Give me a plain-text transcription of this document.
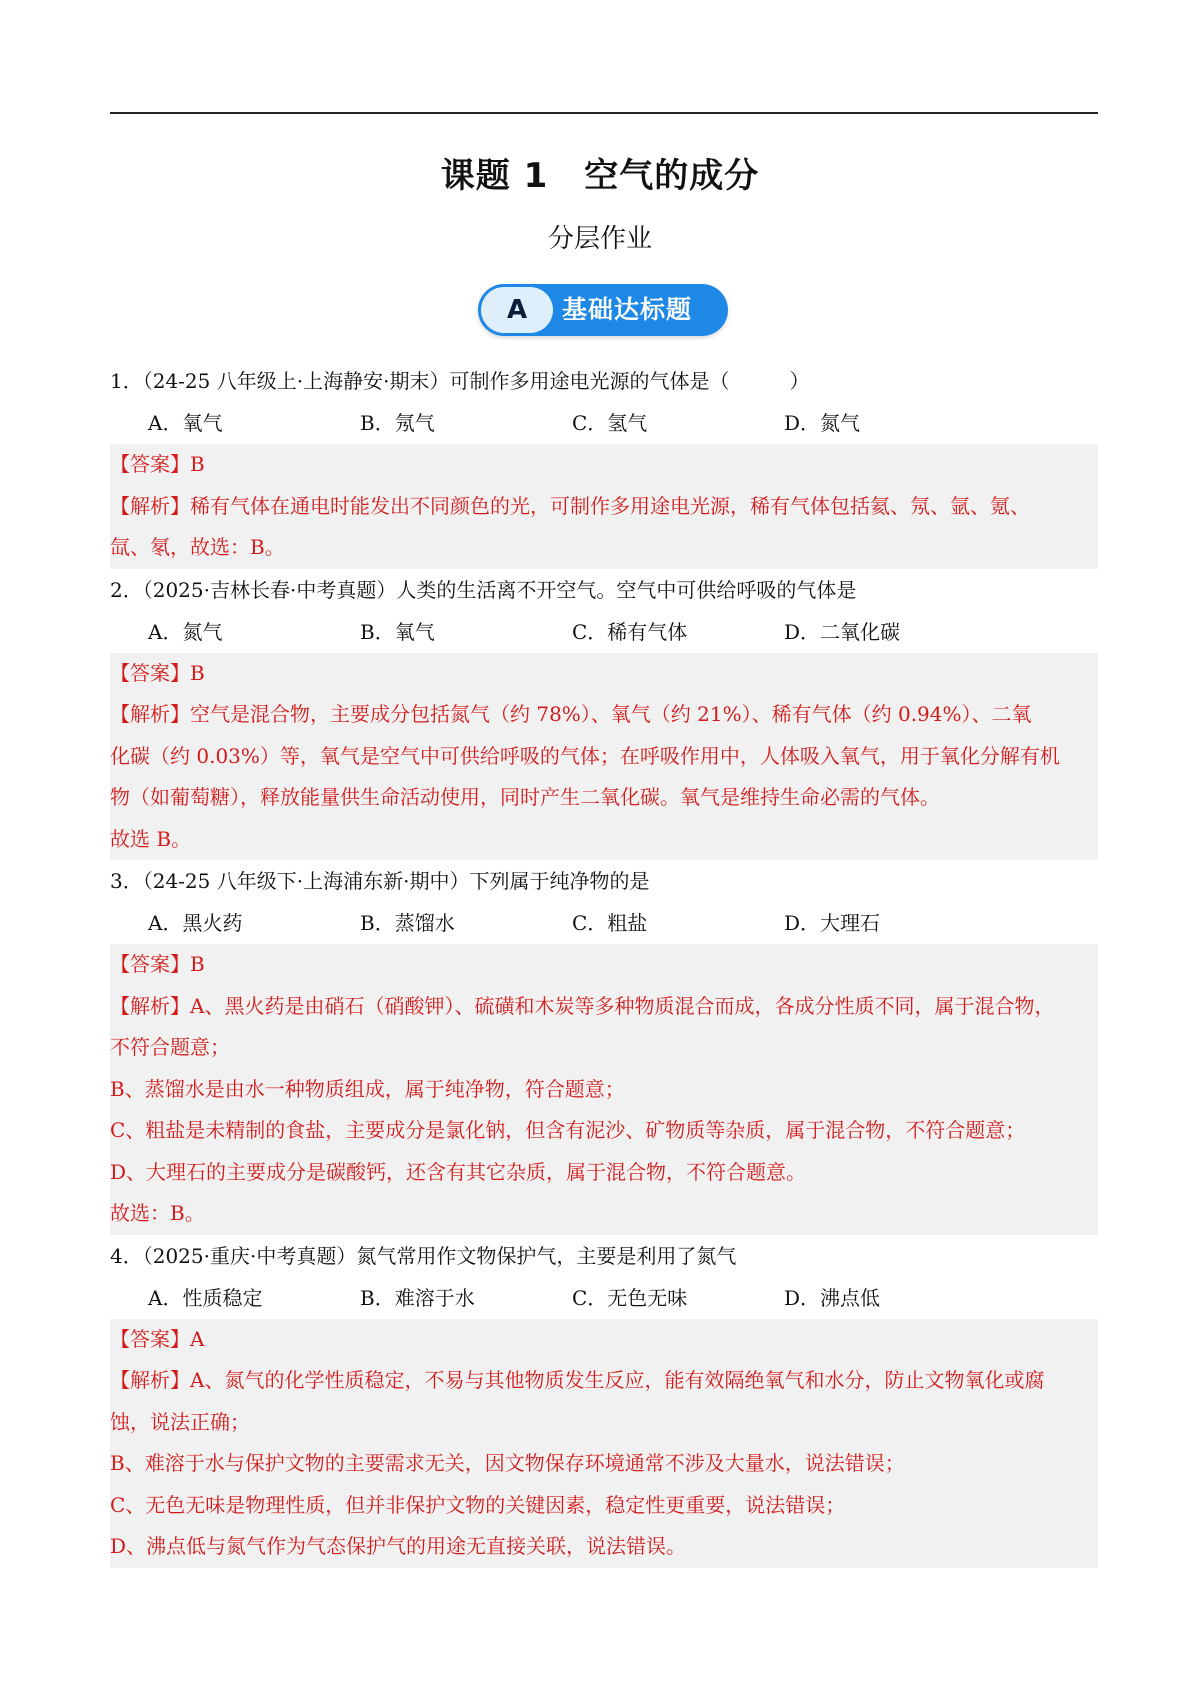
课题 1 空气的成分
分层作业
A	基础达标题
1．（24-25 八年级上·上海静安·期末）可制作多用途电光源的气体是（　　　）
A．氧气	B．氖气	C．氢气	D．氮气
【答案】B
【解析】稀有气体在通电时能发出不同颜色的光，可制作多用途电光源，稀有气体包括氦、氖、氩、氪、
氙、氡，故选：B。
2．（2025·吉林长春·中考真题）人类的生活离不开空气。空气中可供给呼吸的气体是
A．氮气	B．氧气	C．稀有气体	D．二氧化碳
【答案】B
【解析】空气是混合物，主要成分包括氮气（约 78%）、氧气（约 21%）、稀有气体（约 0.94%）、二氧
化碳（约 0.03%）等，氧气是空气中可供给呼吸的气体；在呼吸作用中，人体吸入氧气，用于氧化分解有机
物（如葡萄糖），释放能量供生命活动使用，同时产生二氧化碳。氧气是维持生命必需的气体。
故选 B。
3．（24-25 八年级下·上海浦东新·期中）下列属于纯净物的是
A．黑火药	B．蒸馏水	C．粗盐	D．大理石
【答案】B
【解析】A、黑火药是由硝石（硝酸钾）、硫磺和木炭等多种物质混合而成，各成分性质不同，属于混合物，
不符合题意；
B、蒸馏水是由水一种物质组成，属于纯净物，符合题意；
C、粗盐是未精制的食盐，主要成分是氯化钠，但含有泥沙、矿物质等杂质，属于混合物，不符合题意；
D、大理石的主要成分是碳酸钙，还含有其它杂质，属于混合物，不符合题意。
故选：B。
4．（2025·重庆·中考真题）氮气常用作文物保护气，主要是利用了氮气
A．性质稳定	B．难溶于水	C．无色无味	D．沸点低
【答案】A
【解析】A、氮气的化学性质稳定，不易与其他物质发生反应，能有效隔绝氧气和水分，防止文物氧化或腐
蚀，说法正确；
B、难溶于水与保护文物的主要需求无关，因文物保存环境通常不涉及大量水，说法错误；
C、无色无味是物理性质，但并非保护文物的关键因素，稳定性更重要，说法错误；
D、沸点低与氮气作为气态保护气的用途无直接关联，说法错误。
